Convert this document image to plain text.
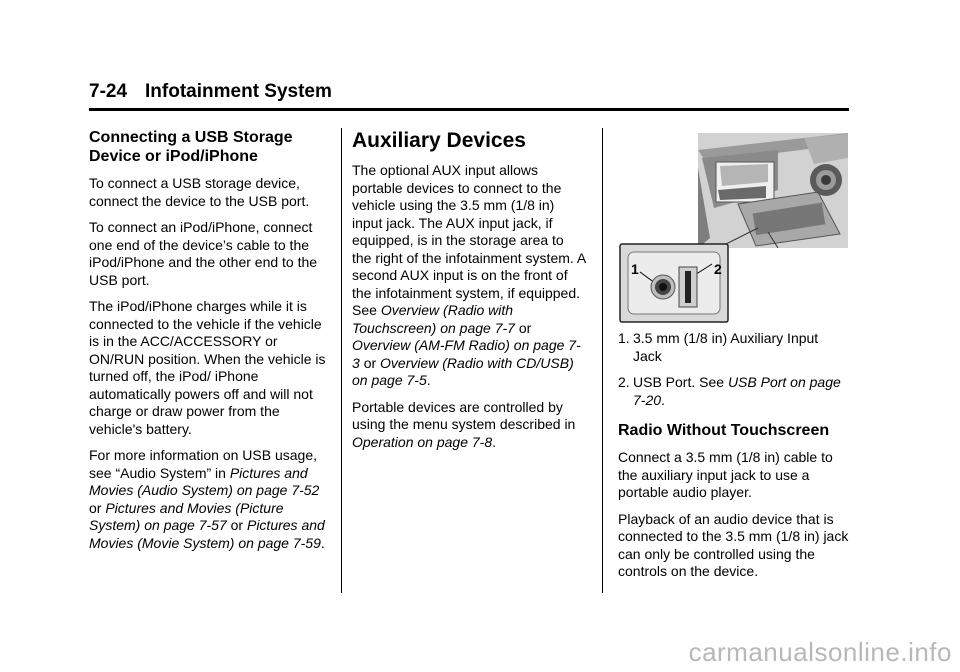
7-24 Infotainment System
Connecting a USB Storage Device or iPod/iPhone

To connect a USB storage device, connect the device to the USB port.

To connect an iPod/iPhone, connect one end of the device’s cable to the iPod/iPhone and the other end to the USB port.

The iPod/iPhone charges while it is connected to the vehicle if the vehicle is in the ACC/ACCESSORY or ON/RUN position. When the vehicle is turned off, the iPod/ iPhone automatically powers off and will not charge or draw power from the vehicle's battery.

For more information on USB usage, see “Audio System” in Pictures and Movies (Audio System) on page 7-52 or Pictures and Movies (Picture System) on page 7-57 or Pictures and Movies (Movie System) on page 7-59.

Auxiliary Devices

The optional AUX input allows portable devices to connect to the vehicle using the 3.5 mm (1/8 in) input jack. The AUX input jack, if equipped, is in the storage area to the right of the infotainment system. A second AUX input is on the front of the infotainment system, if equipped. See Overview (Radio with Touchscreen) on page 7-7 or Overview (AM-FM Radio) on page 7-3 or Overview (Radio with CD/USB) on page 7-5.

Portable devices are controlled by using the menu system described in Operation on page 7-8.

1	2
1. 3.5 mm (1/8 in) Auxiliary Input Jack
2. USB Port. See USB Port on page 7-20.
Radio Without Touchscreen

Connect a 3.5 mm (1/8 in) cable to the auxiliary input jack to use a portable audio player.

Playback of an audio device that is connected to the 3.5 mm (1/8 in) jack can only be controlled using the controls on the device.

carmanualsonline.info
